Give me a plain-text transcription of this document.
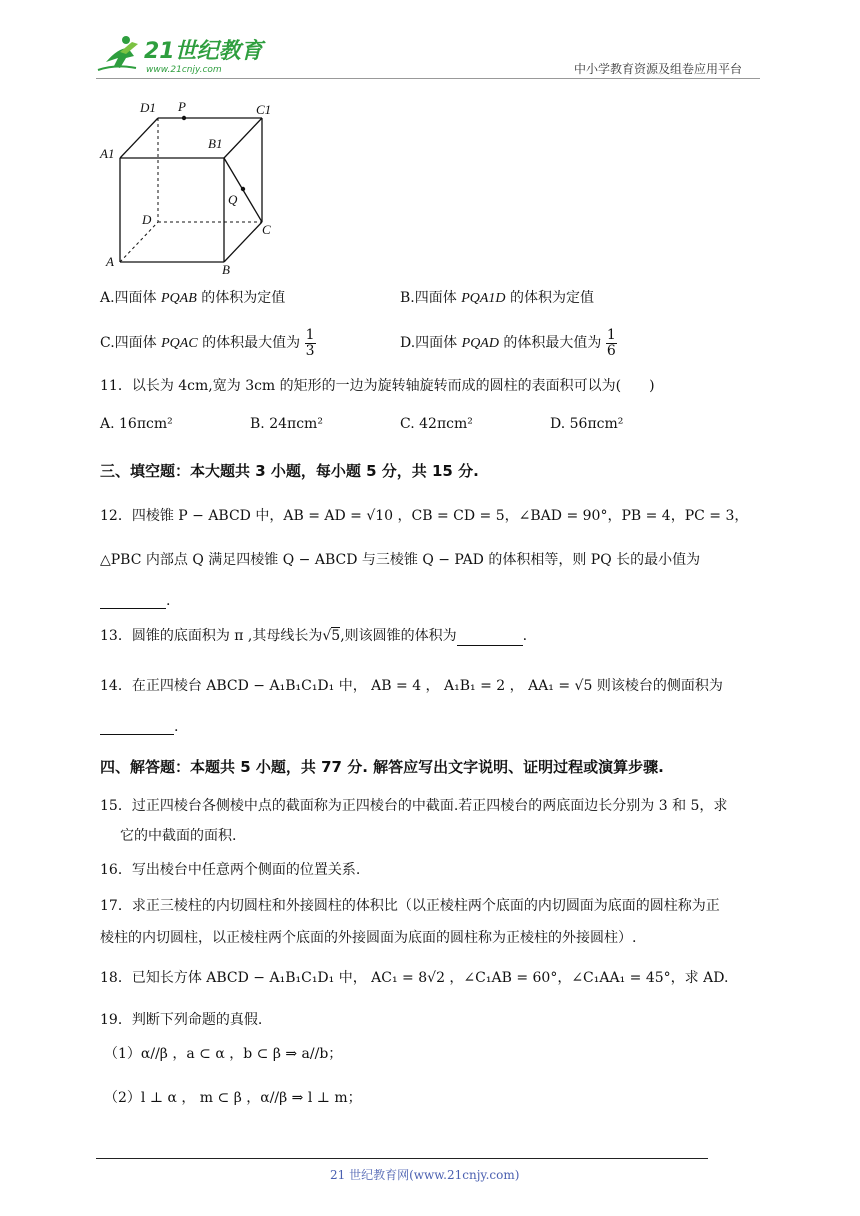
21世纪教育
www.21cnjy.com	中小学教育资源及组卷应用平台
D1 P	C1
A1
B1
Q
D
C
A
B
A.四面体 PQAB 的体积为定值	B.四面体 PQA1D 的体积为定值
C.四面体 PQAC 的体积最大值为 $\frac{1}{3}$	D.四面体 PQAD 的体积最大值为 $\frac{1}{6}$
11．以长为 4cm,宽为 3cm 的矩形的一边为旋转轴旋转而成的圆柱的表面积可以为(　　)
A. 16πcm²	B. 24πcm²	C. 42πcm²	D. 56πcm²
三、填空题：本大题共 3 小题，每小题 5 分，共 15 分.
12．四棱锥 P − ABCD 中，AB = AD = √10 ，CB = CD = 5，∠BAD = 90°，PB = 4，PC = 3，
△PBC 内部点 Q 满足四棱锥 Q − ABCD 与三棱锥 Q − PAD 的体积相等，则 PQ 长的最小值为
.
13．圆锥的底面积为 π ,其母线长为√5,则该圆锥的体积为	.
14．在正四棱台 ABCD − A₁B₁C₁D₁ 中， AB = 4 ， A₁B₁ = 2 ， AA₁ = √5 则该棱台的侧面积为
.
四、解答题：本题共 5 小题，共 77 分. 解答应写出文字说明、证明过程或演算步骤.
15．过正四棱台各侧棱中点的截面称为正四棱台的中截面.若正四棱台的两底面边长分别为 3 和 5，求
它的中截面的面积.
16．写出棱台中任意两个侧面的位置关系.
17．求正三棱柱的内切圆柱和外接圆柱的体积比（以正棱柱两个底面的内切圆面为底面的圆柱称为正
棱柱的内切圆柱，以正棱柱两个底面的外接圆面为底面的圆柱称为正棱柱的外接圆柱）.
18．已知长方体 ABCD − A₁B₁C₁D₁ 中， AC₁ = 8√2 ，∠C₁AB = 60°，∠C₁AA₁ = 45°，求 AD.
19．判断下列命题的真假.
（1）α//β ，a ⊂ α ，b ⊂ β ⇒ a//b；
（2）l ⊥ α ， m ⊂ β ，α//β ⇒ l ⊥ m；
21 世纪教育网(www.21cnjy.com)
